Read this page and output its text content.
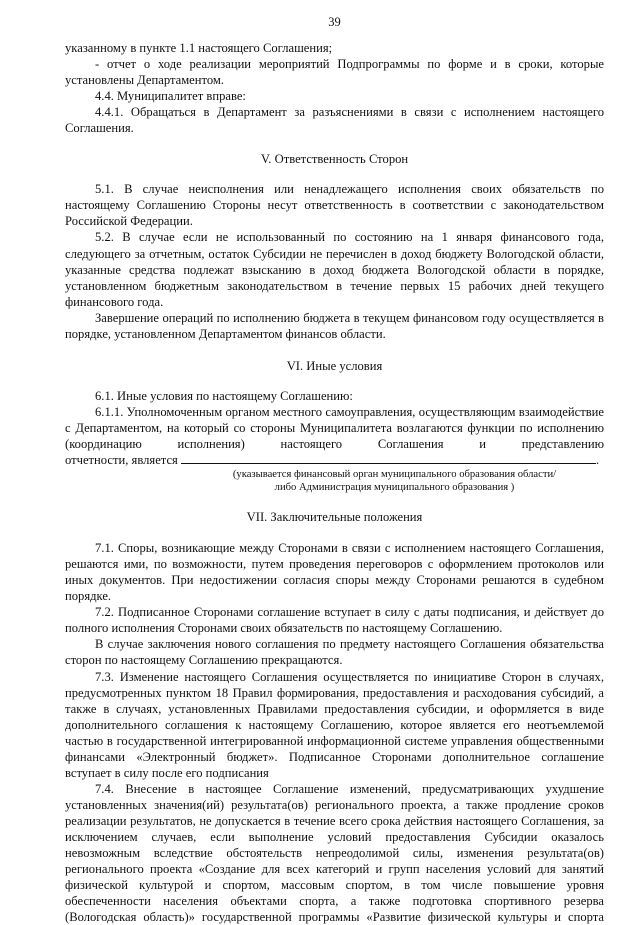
39

указанному в пункте 1.1 настоящего Соглашения;

- отчет о ходе реализации мероприятий Подпрограммы по форме и в сроки, которые установлены Департаментом.

4.4. Муниципалитет вправе:

4.4.1. Обращаться в Департамент за разъяснениями в связи с исполнением настоящего Соглашения.

V. Ответственность Сторон

5.1. В случае неисполнения или ненадлежащего исполнения своих обязательств по настоящему Соглашению Стороны несут ответственность в соответствии с законодательством Российской Федерации.

5.2. В случае если не использованный по состоянию на 1 января финансового года, следующего за отчетным, остаток Субсидии не перечислен в доход бюджету Вологодской области, указанные средства подлежат взысканию в доход бюджета Вологодской области в порядке, установленном бюджетным законодательством в течение первых 15 рабочих дней текущего финансового года.

Завершение операций по исполнению бюджета в текущем финансовом году осуществляется в порядке, установленном Департаментом финансов области.

VI. Иные условия

6.1. Иные условия по настоящему Соглашению:

6.1.1. Уполномоченным органом местного самоуправления, осуществляющим взаимодействие с Департаментом, на который со стороны Муниципалитета возлагаются функции по исполнению (координацию исполнения) настоящего Соглашения и представлению

отчетности, является	.

(указывается финансовый орган муниципального образования области/
либо Администрация муниципального образования )
VII. Заключительные положения

7.1. Споры, возникающие между Сторонами в связи с исполнением настоящего Соглашения, решаются ими, по возможности, путем проведения переговоров с оформлением протоколов или иных документов. При недостижении согласия споры между Сторонами решаются в судебном порядке.

7.2. Подписанное Сторонами соглашение вступает в силу с даты подписания, и действует до полного исполнения Сторонами своих обязательств по настоящему Соглашению.

В случае заключения нового соглашения по предмету настоящего Соглашения обязательства сторон по настоящему Соглашению прекращаются.

7.3. Изменение настоящего Соглашения осуществляется по инициативе Сторон в случаях, предусмотренных пунктом 18 Правил формирования, предоставления и расходования субсидий, а также в случаях, установленных Правилами предоставления субсидии, и оформляется в виде дополнительного соглашения к настоящему Соглашению, которое является его неотъемлемой частью в государственной интегрированной информационной системе управления общественными финансами «Электронный бюджет». Подписанное Сторонами дополнительное соглашение вступает в силу после его подписания

7.4. Внесение в настоящее Соглашение изменений, предусматривающих ухудшение установленных значения(ий) результата(ов) регионального проекта, а также продление сроков реализации результатов, не допускается в течение всего срока действия настоящего Соглашения, за исключением случаев, если выполнение условий предоставления Субсидии оказалось невозможным вследствие обстоятельств непреодолимой силы, изменения результата(ов) регионального проекта «Создание для всех категорий и групп населения условий для занятий физической культурой и спортом, массовым спортом, в том числе повышение уровня обеспеченности населения объектами спорта, а также подготовка спортивного резерва (Вологодская область)» государственной программы «Развитие физической культуры и спорта
